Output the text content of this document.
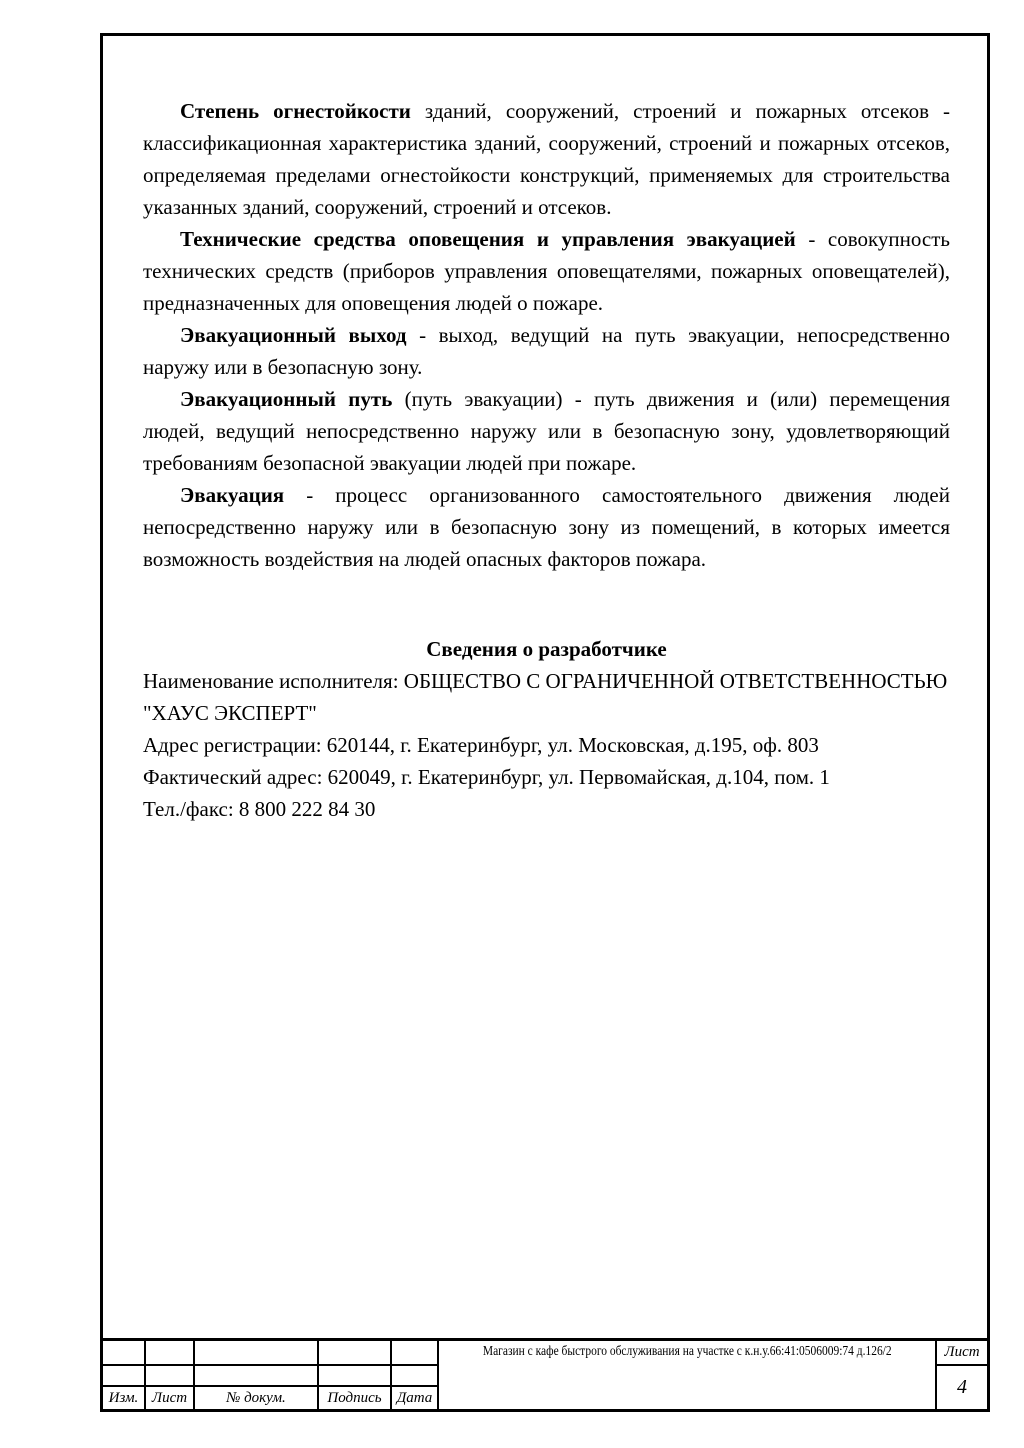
Степень огнестойкости зданий, сооружений, строений и пожарных отсеков - классификационная характеристика зданий, сооружений, строений и пожарных отсеков, определяемая пределами огнестойкости конструкций, применяемых для строительства указанных зданий, сооружений, строений и отсеков.

Технические средства оповещения и управления эвакуацией - совокупность технических средств (приборов управления оповещателями, пожарных оповещателей), предназначенных для оповещения людей о пожаре.

Эвакуационный выход - выход, ведущий на путь эвакуации, непосредственно наружу или в безопасную зону.

Эвакуационный путь (путь эвакуации) - путь движения и (или) перемещения людей, ведущий непосредственно наружу или в безопасную зону, удовлетворяющий требованиям безопасной эвакуации людей при пожаре.

Эвакуация - процесс организованного самостоятельного движения людей непосредственно наружу или в безопасную зону из помещений, в которых имеется возможность воздействия на людей опасных факторов пожара.

Сведения о разработчике

Наименование исполнителя: ОБЩЕСТВО С ОГРАНИЧЕННОЙ ОТВЕТСТВЕННОСТЬЮ "ХАУС ЭКСПЕРТ"

Адрес регистрации: 620144, г. Екатеринбург, ул. Московская, д.195, оф. 803

Фактический адрес: 620049, г. Екатеринбург, ул. Первомайская, д.104, пом. 1

Тел./факс: 8 800 222 84 30

Изм. Лист	№ докум.	Подпись	Дата
Магазин с кафе быстрого обслуживания на участке с к.н.у.66:41:0506009:74 д.126/2	Лист
4
